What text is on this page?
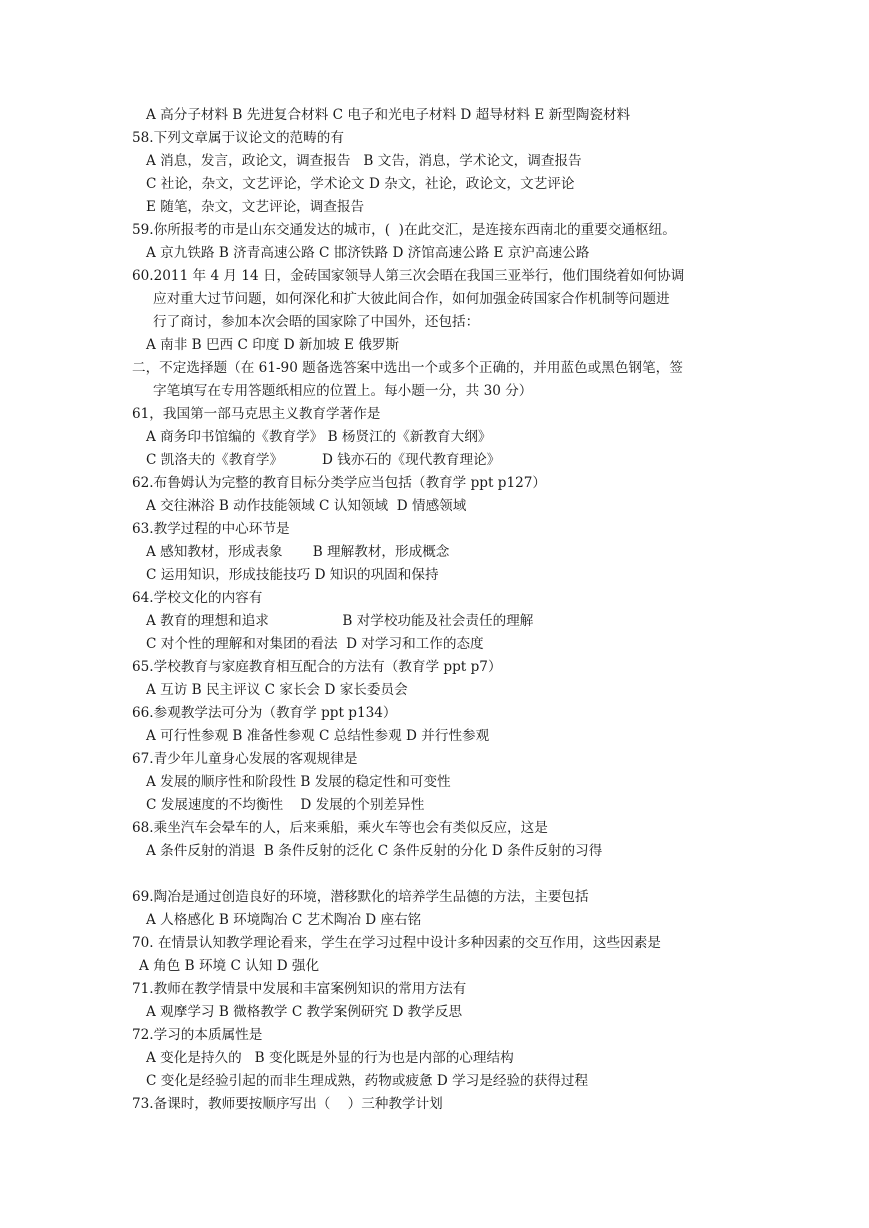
A 高分子材料 B 先进复合材料 C 电子和光电子材料 D 超导材料 E 新型陶瓷材料
58.下列文章属于议论文的范畴的有
A 消息，发言，政论文，调查报告   B 文告，消息，学术论文，调查报告
C 社论，杂文，文艺评论，学术论文 D 杂文，社论，政论文，文艺评论
E 随笔，杂文，文艺评论，调查报告
59.你所报考的市是山东交通发达的城市，(  )在此交汇，是连接东西南北的重要交通枢纽。
A 京九铁路 B 济青高速公路 C 邯济铁路 D 济馆高速公路 E 京沪高速公路
60.2011 年 4 月 14 日，金砖国家领导人第三次会晤在我国三亚举行，他们围绕着如何协调
应对重大过节问题，如何深化和扩大彼此间合作，如何加强金砖国家合作机制等问题进
行了商讨，参加本次会晤的国家除了中国外，还包括：
A 南非 B 巴西 C 印度 D 新加坡 E 俄罗斯
二，不定选择题（在 61-90 题备选答案中选出一个或多个正确的，并用蓝色或黑色钢笔，签
字笔填写在专用答题纸相应的位置上。每小题一分，共 30 分）
61，我国第一部马克思主义教育学著作是
A 商务印书馆编的《教育学》 B 杨贤江的《新教育大纲》
C 凯洛夫的《教育学》         D 钱亦石的《现代教育理论》
62.布鲁姆认为完整的教育目标分类学应当包括（教育学 ppt p127）
A 交往淋浴 B 动作技能领域 C 认知领域  D 情感领域
63.教学过程的中心环节是
A 感知教材，形成表象       B 理解教材，形成概念
C 运用知识，形成技能技巧 D 知识的巩固和保持
64.学校文化的内容有
A 教育的理想和追求                 B 对学校功能及社会责任的理解
C 对个性的理解和对集团的看法  D 对学习和工作的态度
65.学校教育与家庭教育相互配合的方法有（教育学 ppt p7）
A 互访 B 民主评议 C 家长会 D 家长委员会
66.参观教学法可分为（教育学 ppt p134）
A 可行性参观 B 准备性参观 C 总结性参观 D 并行性参观
67.青少年儿童身心发展的客观规律是
A 发展的顺序性和阶段性 B 发展的稳定性和可变性
C 发展速度的不均衡性    D 发展的个别差异性
68.乘坐汽车会晕车的人，后来乘船，乘火车等也会有类似反应，这是
A 条件反射的消退  B 条件反射的泛化 C 条件反射的分化 D 条件反射的习得
69.陶冶是通过创造良好的环境，潜移默化的培养学生品德的方法，主要包括
A 人格感化 B 环境陶冶 C 艺术陶冶 D 座右铭
70. 在情景认知教学理论看来，学生在学习过程中设计多种因素的交互作用，这些因素是
A 角色 B 环境 C 认知 D 强化
71.教师在教学情景中发展和丰富案例知识的常用方法有
A 观摩学习 B 微格教学 C 教学案例研究 D 教学反思
72.学习的本质属性是
A 变化是持久的   B 变化既是外显的行为也是内部的心理结构
C 变化是经验引起的而非生理成熟，药物或疲惫 D 学习是经验的获得过程
73.备课时，教师要按顺序写出（    ）三种教学计划
